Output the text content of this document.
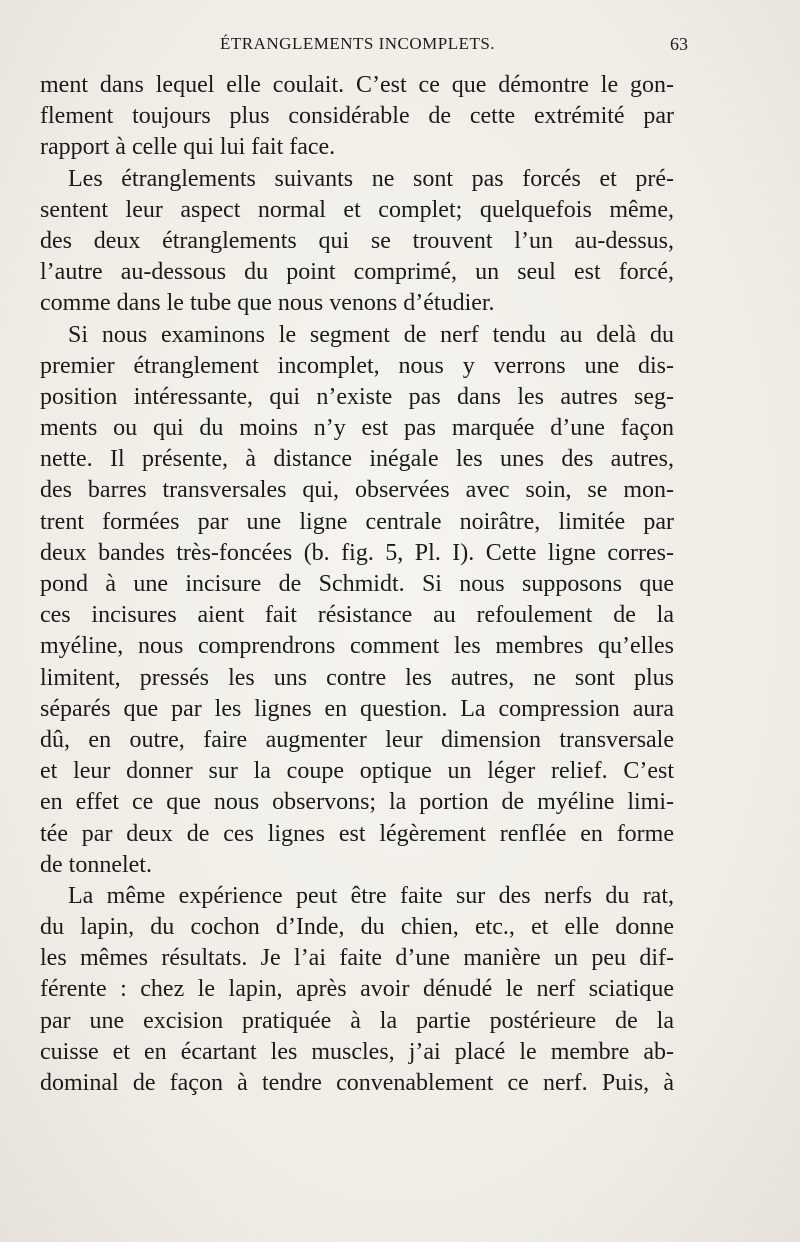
ÉTRANGLEMENTS INCOMPLETS.	63
ment dans lequel elle coulait. C’est ce que démontre le gon-
flement toujours plus considérable de cette extrémité par
rapport à celle qui lui fait face.
Les étranglements suivants ne sont pas forcés et pré-
sentent leur aspect normal et complet; quelquefois même,
des deux étranglements qui se trouvent l’un au-dessus,
l’autre au-dessous du point comprimé, un seul est forcé,
comme dans le tube que nous venons d’étudier.
Si nous examinons le segment de nerf tendu au delà du
premier étranglement incomplet, nous y verrons une dis-
position intéressante, qui n’existe pas dans les autres seg-
ments ou qui du moins n’y est pas marquée d’une façon
nette. Il présente, à distance inégale les unes des autres,
des barres transversales qui, observées avec soin, se mon-
trent formées par une ligne centrale noirâtre, limitée par
deux bandes très-foncées (b. fig. 5, Pl. I). Cette ligne corres-
pond à une incisure de Schmidt. Si nous supposons que
ces incisures aient fait résistance au refoulement de la
myéline, nous comprendrons comment les membres qu’elles
limitent, pressés les uns contre les autres, ne sont plus
séparés que par les lignes en question. La compression aura
dû, en outre, faire augmenter leur dimension transversale
et leur donner sur la coupe optique un léger relief. C’est
en effet ce que nous observons; la portion de myéline limi-
tée par deux de ces lignes est légèrement renflée en forme
de tonnelet.
La même expérience peut être faite sur des nerfs du rat,
du lapin, du cochon d’Inde, du chien, etc., et elle donne
les mêmes résultats. Je l’ai faite d’une manière un peu dif-
férente : chez le lapin, après avoir dénudé le nerf sciatique
par une excision pratiquée à la partie postérieure de la
cuisse et en écartant les muscles, j’ai placé le membre ab-
dominal de façon à tendre convenablement ce nerf. Puis, à
